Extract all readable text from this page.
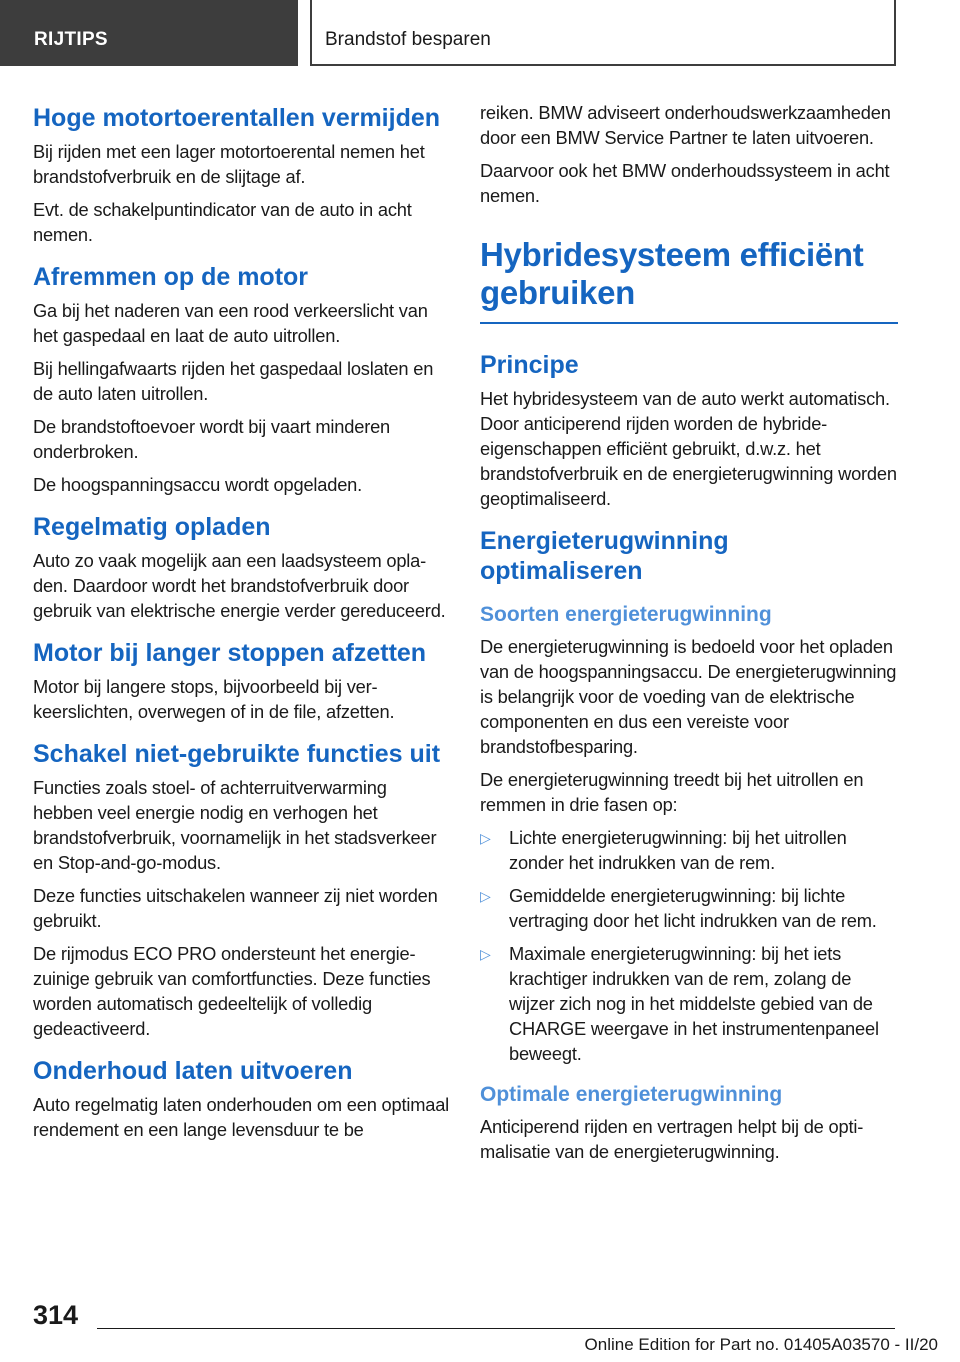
RIJTIPS	Brandstof besparen
Hoge motortoerentallen vermijden

Bij rijden met een lager motortoerental nemen het brandstofverbruik en de slijtage af.

Evt. de schakelpuntindicator van de auto in acht nemen.

Afremmen op de motor

Ga bij het naderen van een rood verkeerslicht van het gaspedaal en laat de auto uitrollen.

Bij hellingafwaarts rijden het gaspedaal loslaten en de auto laten uitrollen.

De brandstoftoevoer wordt bij vaart minderen onderbroken.

De hoogspanningsaccu wordt opgeladen.

Regelmatig opladen

Auto zo vaak mogelijk aan een laadsysteem opladen. Daardoor wordt het brandstofverbruik door gebruik van elektrische energie verder gereduceerd.

Motor bij langer stoppen afzetten

Motor bij langere stops, bijvoorbeeld bij verkeerslichten, overwegen of in de file, afzetten.

Schakel niet-gebruikte functies uit

Functies zoals stoel- of achterruitverwarming hebben veel energie nodig en verhogen het brandstofverbruik, voornamelijk in het stadsverkeer en Stop-and-go-modus.

Deze functies uitschakelen wanneer zij niet worden gebruikt.

De rijmodus ECO PRO ondersteunt het energiezuinige gebruik van comfortfuncties. Deze functies worden automatisch gedeeltelijk of volledig gedeactiveerd.

Onderhoud laten uitvoeren

Auto regelmatig laten onderhouden om een optimaal rendement en een lange levensduur te be

reiken. BMW adviseert onderhoudswerkzaamheden door een BMW Service Partner te laten uitvoeren.

Daarvoor ook het BMW onderhoudssysteem in acht nemen.

Hybridesysteem efficiënt gebruiken
Principe

Het hybridesysteem van de auto werkt automatisch. Door anticiperend rijden worden de hybride-eigenschappen efficiënt gebruikt, d.w.z. het brandstofverbruik en de energieterugwinning worden geoptimaliseerd.

Energieterugwinning optimaliseren
Soorten energieterugwinning

De energieterugwinning is bedoeld voor het opladen van de hoogspanningsaccu. De energieterugwinning is belangrijk voor de voeding van de elektrische componenten en dus een vereiste voor brandstofbesparing.

De energieterugwinning treedt bij het uitrollen en remmen in drie fasen op:

▷ Lichte energieterugwinning: bij het uitrollen zonder het indrukken van de rem.
▷ Gemiddelde energieterugwinning: bij lichte vertraging door het licht indrukken van de rem.
▷ Maximale energieterugwinning: bij het iets krachtiger indrukken van de rem, zolang de wijzer zich nog in het middelste gebied van de CHARGE weergave in het instrumentenpaneel beweegt.
Optimale energieterugwinning

Anticiperend rijden en vertragen helpt bij de optimalisatie van de energieterugwinning.

314
Online Edition for Part no. 01405A03570 - II/20
